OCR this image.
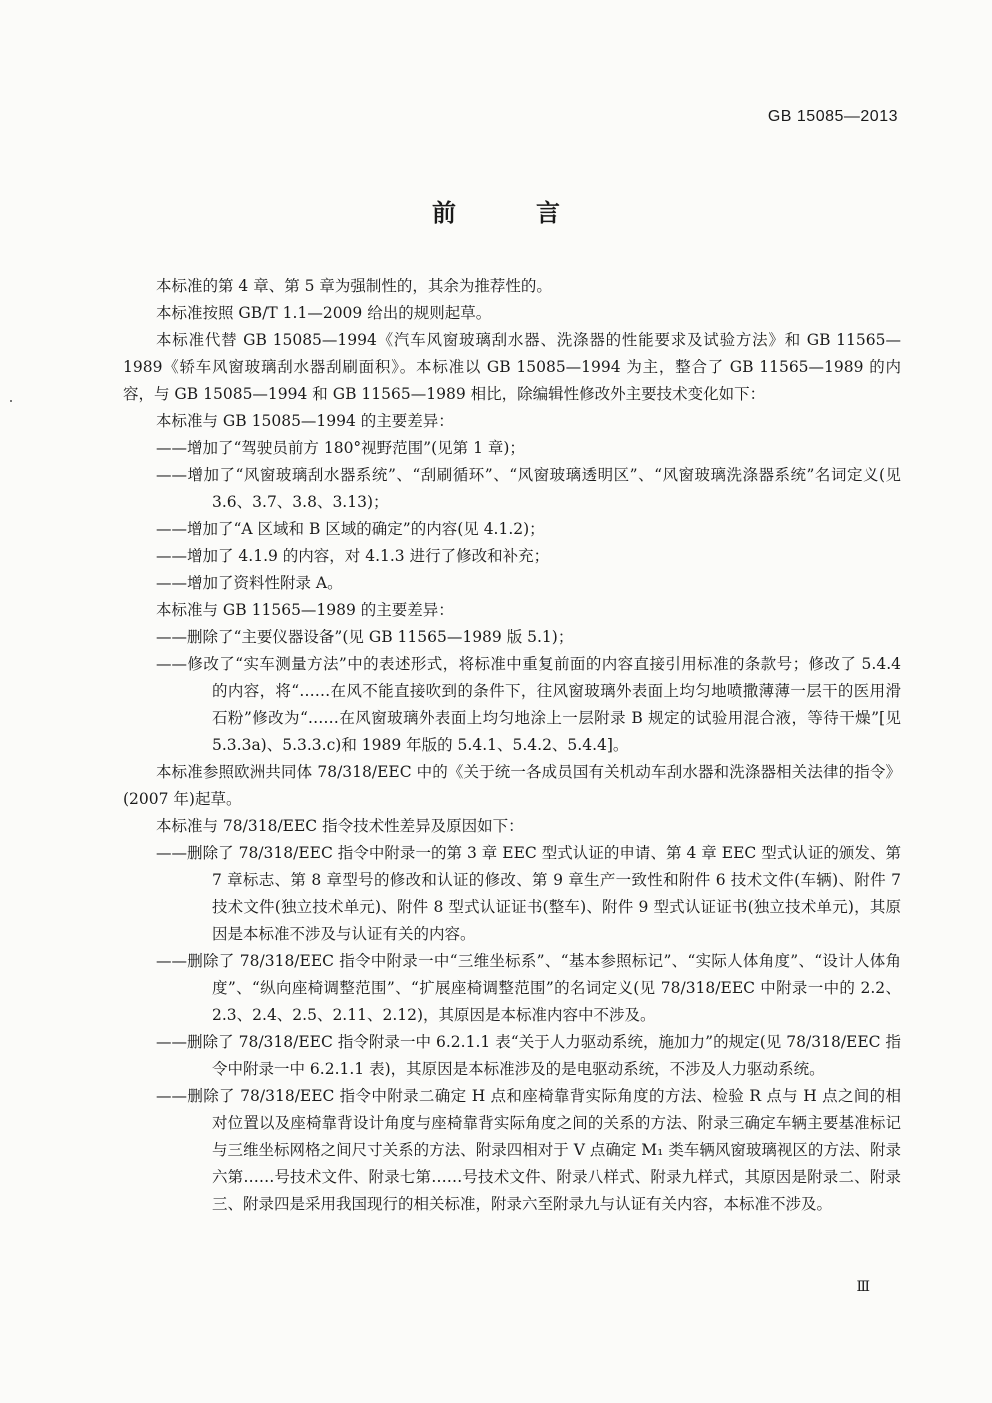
GB 15085—2013
前　言

本标准的第 4 章、第 5 章为强制性的，其余为推荐性的。

本标准按照 GB/T 1.1—2009 给出的规则起草。

本标准代替 GB 15085—1994《汽车风窗玻璃刮水器、洗涤器的性能要求及试验方法》和 GB 11565—1989《轿车风窗玻璃刮水器刮刷面积》。本标准以 GB 15085—1994 为主，整合了 GB 11565—1989 的内容，与 GB 15085—1994 和 GB 11565—1989 相比，除编辑性修改外主要技术变化如下：

本标准与 GB 15085—1994 的主要差异：

——增加了“驾驶员前方 180°视野范围”(见第 1 章)；

——增加了“风窗玻璃刮水器系统”、“刮刷循环”、“风窗玻璃透明区”、“风窗玻璃洗涤器系统”名词定义(见 3.6、3.7、3.8、3.13)；

——增加了“A 区域和 B 区域的确定”的内容(见 4.1.2)；

——增加了 4.1.9 的内容，对 4.1.3 进行了修改和补充；

——增加了资料性附录 A。

本标准与 GB 11565—1989 的主要差异：

——删除了“主要仪器设备”(见 GB 11565—1989 版 5.1)；

——修改了“实车测量方法”中的表述形式，将标准中重复前面的内容直接引用标准的条款号；修改了 5.4.4 的内容，将“……在风不能直接吹到的条件下，往风窗玻璃外表面上均匀地喷撒薄薄一层干的医用滑石粉”修改为“……在风窗玻璃外表面上均匀地涂上一层附录 B 规定的试验用混合液，等待干燥”[见 5.3.3a)、5.3.3.c)和 1989 年版的 5.4.1、5.4.2、5.4.4]。

本标准参照欧洲共同体 78/318/EEC 中的《关于统一各成员国有关机动车刮水器和洗涤器相关法律的指令》(2007 年)起草。

本标准与 78/318/EEC 指令技术性差异及原因如下：

——删除了 78/318/EEC 指令中附录一的第 3 章 EEC 型式认证的申请、第 4 章 EEC 型式认证的颁发、第 7 章标志、第 8 章型号的修改和认证的修改、第 9 章生产一致性和附件 6 技术文件(车辆)、附件 7 技术文件(独立技术单元)、附件 8 型式认证证书(整车)、附件 9 型式认证证书(独立技术单元)，其原因是本标准不涉及与认证有关的内容。

——删除了 78/318/EEC 指令中附录一中“三维坐标系”、“基本参照标记”、“实际人体角度”、“设计人体角度”、“纵向座椅调整范围”、“扩展座椅调整范围”的名词定义(见 78/318/EEC 中附录一中的 2.2、2.3、2.4、2.5、2.11、2.12)，其原因是本标准内容中不涉及。

——删除了 78/318/EEC 指令附录一中 6.2.1.1 表“关于人力驱动系统，施加力”的规定(见 78/318/EEC 指令中附录一中 6.2.1.1 表)，其原因是本标准涉及的是电驱动系统，不涉及人力驱动系统。

——删除了 78/318/EEC 指令中附录二确定 H 点和座椅靠背实际角度的方法、检验 R 点与 H 点之间的相对位置以及座椅靠背设计角度与座椅靠背实际角度之间的关系的方法、附录三确定车辆主要基准标记与三维坐标网格之间尺寸关系的方法、附录四相对于 V 点确定 M₁ 类车辆风窗玻璃视区的方法、附录六第……号技术文件、附录七第……号技术文件、附录八样式、附录九样式，其原因是附录二、附录三、附录四是采用我国现行的相关标准，附录六至附录九与认证有关内容，本标准不涉及。

Ⅲ
